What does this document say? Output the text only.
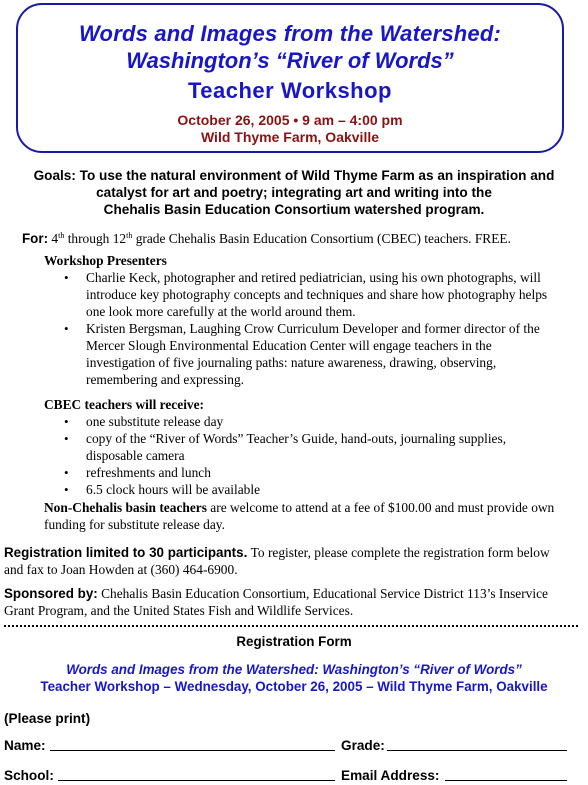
Words and Images from the Watershed:
Washington’s “River of Words”
Teacher Workshop
October 26, 2005 • 9 am – 4:00 pm
Wild Thyme Farm, Oakville
Goals: To use the natural environment of Wild Thyme Farm as an inspiration and
catalyst for art and poetry; integrating art and writing into the
Chehalis Basin Education Consortium watershed program.
For: 4th through 12th grade Chehalis Basin Education Consortium (CBEC) teachers. FREE.
Workshop Presenters
• Charlie Keck, photographer and retired pediatrician, using his own photographs, will
introduce key photography concepts and techniques and share how photography helps
one look more carefully at the world around them.
• Kristen Bergsman, Laughing Crow Curriculum Developer and former director of the
Mercer Slough Environmental Education Center will engage teachers in the
investigation of five journaling paths: nature awareness, drawing, observing,
remembering and expressing.
CBEC teachers will receive:
• one substitute release day
• copy of the “River of Words” Teacher’s Guide, hand-outs, journaling supplies,
disposable camera
• refreshments and lunch
• 6.5 clock hours will be available
Non-Chehalis basin teachers are welcome to attend at a fee of $100.00 and must provide own
funding for substitute release day.
Registration limited to 30 participants. To register, please complete the registration form below
and fax to Joan Howden at (360) 464-6900.
Sponsored by: Chehalis Basin Education Consortium, Educational Service District 113’s Inservice
Grant Program, and the United States Fish and Wildlife Services.
Registration Form
Words and Images from the Watershed: Washington’s “River of Words”
Teacher Workshop – Wednesday, October 26, 2005 – Wild Thyme Farm, Oakville
(Please print)
Name:	Grade:
School:	Email Address:
